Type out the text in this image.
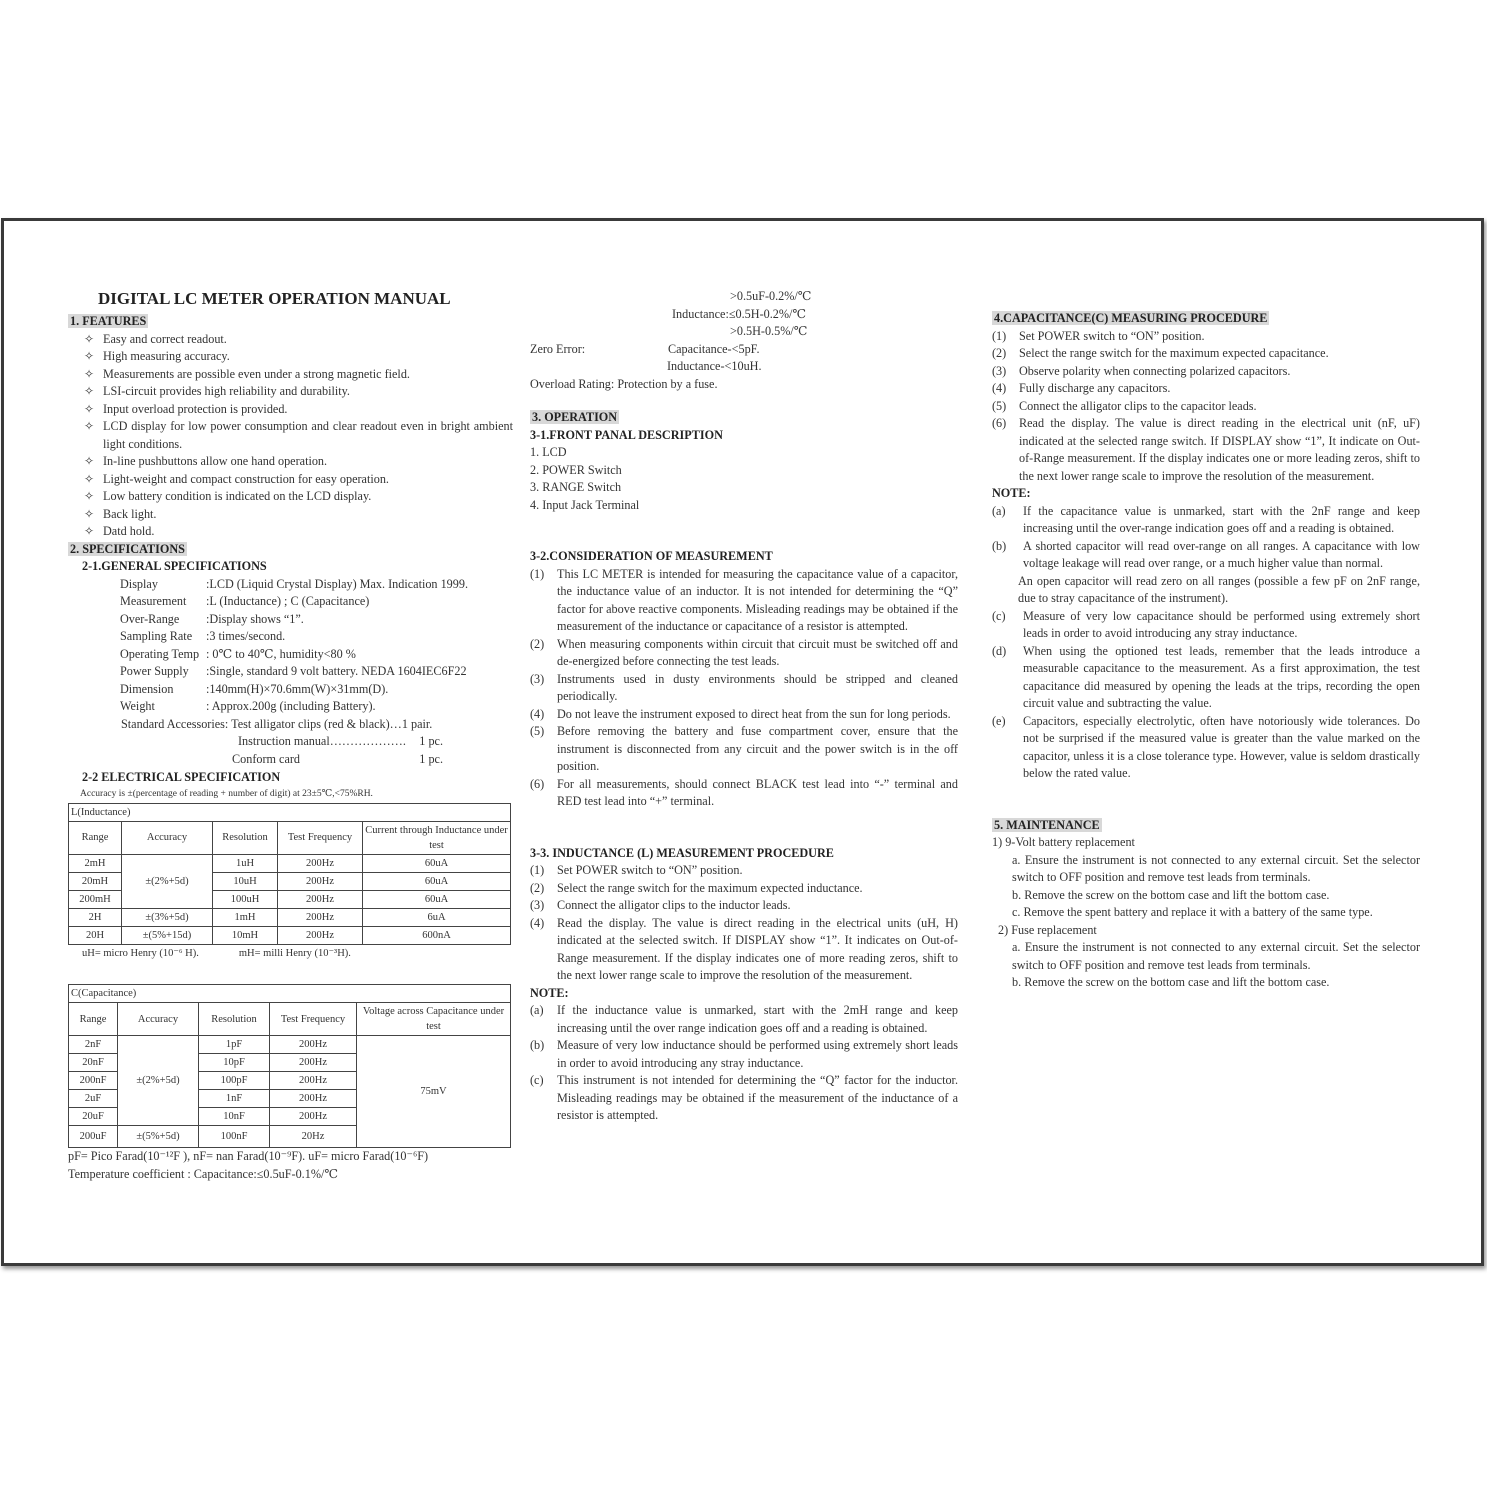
DIGITAL LC METER OPERATION MANUAL
1. FEATURES
✧ Easy and correct readout.
✧ High measuring accuracy.
✧ Measurements are possible even under a strong magnetic field.
✧ LSI-circuit provides high reliability and durability.
✧ Input overload protection is provided.
✧ LCD display for low power consumption and clear readout even in bright ambient light conditions.
✧ In-line pushbuttons allow one hand operation.
✧ Light-weight and compact construction for easy operation.
✧ Low battery condition is indicated on the LCD display.
✧ Back light.
✧ Datd hold.
2. SPECIFICATIONS
2-1.GENERAL SPECIFICATIONS
Display	:LCD (Liquid Crystal Display) Max. Indication 1999.
Measurement	:L (Inductance) ; C (Capacitance)
Over-Range	:Display shows “1”.
Sampling Rate	:3 times/second.
Operating Temp : 0℃ to 40℃, humidity<80 %
Power Supply	:Single, standard 9 volt battery. NEDA 1604IEC6F22
Dimension	:140mm(H)×70.6mm(W)×31mm(D).
Weight	: Approx.200g (including Battery).
Standard Accessories: Test alligator clips (red & black)…1 pair.
Instruction manual………………. 1 pc.
Conform card	1 pc.
2-2 ELECTRICAL SPECIFICATION
Accuracy is ±(percentage of reading + number of digit) at 23±5℃,<75%RH.
L(Inductance)				
Range	Accuracy	Resolution	Test Frequency	Current through Inductance under test
2mH	±(2%+5d)	1uH	200Hz	60uA
20mH		10uH	200Hz	60uA
200mH		100uH	200Hz	60uA
2H	±(3%+5d)	1mH	200Hz	6uA
20H	±(5%+15d)	10mH	200Hz	600nA
uH= micro Henry (10⁻⁶ H).	mH= milli Henry (10⁻³H).
C(Capacitance)				
Range	Accuracy	Resolution	Test Frequency	Voltage across Capacitance under test
2nF	±(2%+5d)	1pF	200Hz	75mV
20nF		10pF	200Hz	
200nF		100pF	200Hz	
2uF		1nF	200Hz	
20uF		10nF	200Hz	
200uF	±(5%+5d)	100nF	20Hz	
pF= Pico Farad(10⁻¹²F ), nF= nan Farad(10⁻⁹F). uF= micro Farad(10⁻⁶F)
Temperature coefficient : Capacitance:≤0.5uF-0.1%/℃
>0.5uF-0.2%/℃
Inductance:≤0.5H-0.2%/℃
>0.5H-0.5%/℃
Zero Error:	Capacitance-<5pF.
Inductance-<10uH.
Overload Rating: Protection by a fuse.
3. OPERATION
3-1.FRONT PANAL DESCRIPTION
1. LCD
2. POWER Switch
3. RANGE Switch
4. Input Jack Terminal
3-2.CONSIDERATION OF MEASUREMENT
(1)	This LC METER is intended for measuring the capacitance value of a capacitor, the inductance value of an inductor. It is not intended for determining the “Q” factor for above reactive components. Misleading readings may be obtained if the measurement of the inductance or capacitance of a resistor is attempted.
(2)	When measuring components within circuit that circuit must be switched off and de-energized before connecting the test leads.
(3)	Instruments used in dusty environments should be stripped and cleaned periodically.
(4)	Do not leave the instrument exposed to direct heat from the sun for long periods.
(5)	Before removing the battery and fuse compartment cover, ensure that the instrument is disconnected from any circuit and the power switch is in the off position.
(6)	For all measurements, should connect BLACK test lead into “-” terminal and RED test lead into “+” terminal.
3-3. INDUCTANCE (L) MEASUREMENT PROCEDURE
(1)	Set POWER switch to “ON” position.
(2)	Select the range switch for the maximum expected inductance.
(3)	Connect the alligator clips to the inductor leads.
(4)	Read the display. The value is direct reading in the electrical units (uH, H) indicated at the selected switch. If DISPLAY show “1”. It indicates on Out-of-Range measurement. If the display indicates one of more reading zeros, shift to the next lower range scale to improve the resolution of the measurement.
NOTE:
(a)	If the inductance value is unmarked, start with the 2mH range and keep increasing until the over range indication goes off and a reading is obtained.
(b)	Measure of very low inductance should be performed using extremely short leads in order to avoid introducing any stray inductance.
(c)	This instrument is not intended for determining the “Q” factor for the inductor. Misleading readings may be obtained if the measurement of the inductance of a resistor is attempted.
4.CAPACITANCE(C) MEASURING PROCEDURE
(1)	Set POWER switch to “ON” position.
(2)	Select the range switch for the maximum expected capacitance.
(3)	Observe polarity when connecting polarized capacitors.
(4)	Fully discharge any capacitors.
(5)	Connect the alligator clips to the capacitor leads.
(6)	Read the display. The value is direct reading in the electrical unit (nF, uF) indicated at the selected range switch. If DISPLAY show “1”, It indicate on Out-of-Range measurement. If the display indicates one or more leading zeros, shift to the next lower range scale to improve the resolution of the measurement.
NOTE:
(a)	If the capacitance value is unmarked, start with the 2nF range and keep increasing until the over-range indication goes off and a reading is obtained.
(b)	A shorted capacitor will read over-range on all ranges. A capacitance with low voltage leakage will read over range, or a much higher value than normal.
An open capacitor will read zero on all ranges (possible a few pF on 2nF range, due to stray capacitance of the instrument).
(c)	Measure of very low capacitance should be performed using extremely short leads in order to avoid introducing any stray inductance.
(d)	When using the optioned test leads, remember that the leads introduce a measurable capacitance to the measurement. As a first approximation, the test capacitance did measured by opening the leads at the trips, recording the open circuit value and subtracting the value.
(e)	Capacitors, especially electrolytic, often have notoriously wide tolerances. Do not be surprised if the measured value is greater than the value marked on the capacitor, unless it is a close tolerance type. However, value is seldom drastically below the rated value.
5. MAINTENANCE
1) 9-Volt battery replacement
a. Ensure the instrument is not connected to any external circuit. Set the selector switch to OFF position and remove test leads from terminals.
b. Remove the screw on the bottom case and lift the bottom case.
c. Remove the spent battery and replace it with a battery of the same type.
2) Fuse replacement
a. Ensure the instrument is not connected to any external circuit. Set the selector switch to OFF position and remove test leads from terminals.
b. Remove the screw on the bottom case and lift the bottom case.
